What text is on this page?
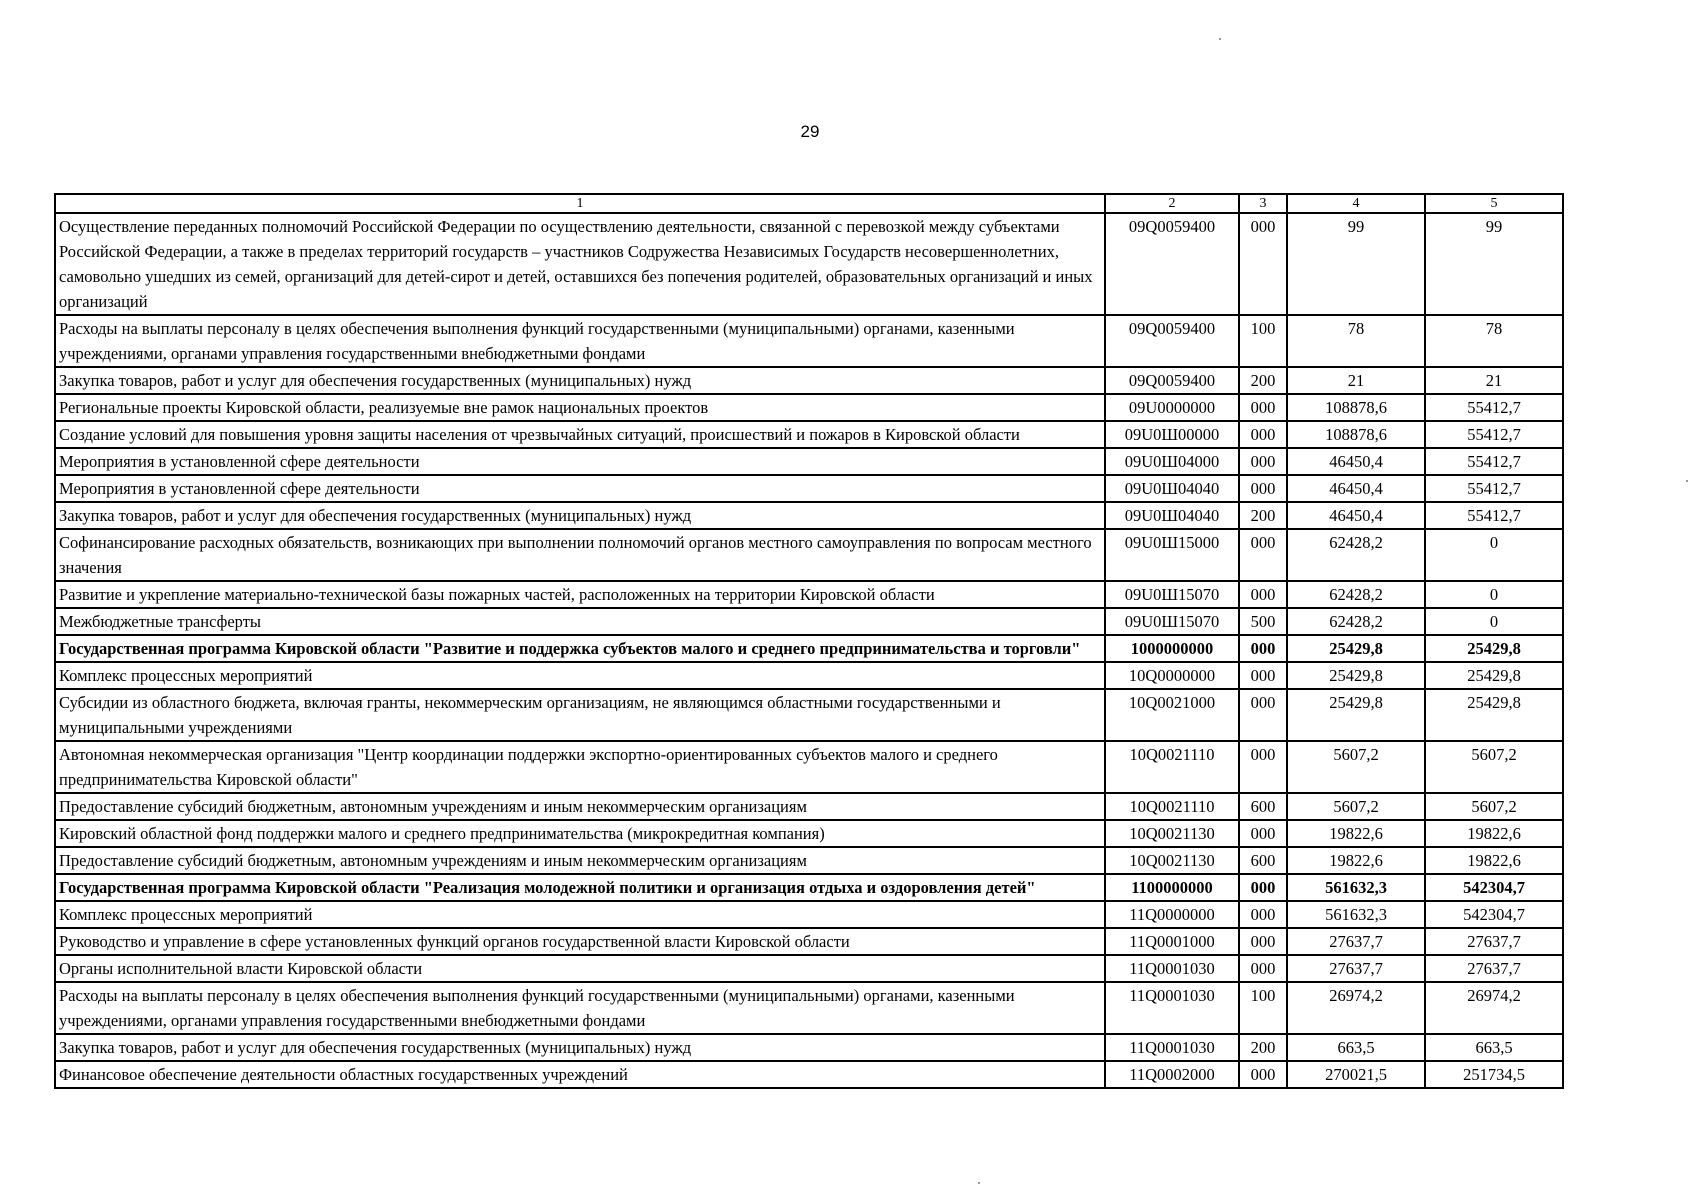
29
1	2	3	4	5
Осуществление переданных полномочий Российской Федерации по осуществлению деятельности, связанной с перевозкой между субъектами Российской Федерации, а также в пределах территорий государств – участников Содружества Независимых Государств несовершеннолетних, самовольно ушедших из семей, организаций для детей-сирот и детей, оставшихся без попечения родителей, образовательных организаций и иных организаций	09Q0059400	000	99	99
Расходы на выплаты персоналу в целях обеспечения выполнения функций государственными (муниципальными) органами, казенными учреждениями, органами управления государственными внебюджетными фондами	09Q0059400	100	78	78
Закупка товаров, работ и услуг для обеспечения государственных (муниципальных) нужд	09Q0059400	200	21	21
Региональные проекты Кировской области, реализуемые вне рамок национальных проектов	09U0000000	000	108878,6	55412,7
Создание условий для повышения уровня защиты населения от чрезвычайных ситуаций, происшествий и пожаров в Кировской области	09U0Ш00000	000	108878,6	55412,7
Мероприятия в установленной сфере деятельности	09U0Ш04000	000	46450,4	55412,7
Мероприятия в установленной сфере деятельности	09U0Ш04040	000	46450,4	55412,7
Закупка товаров, работ и услуг для обеспечения государственных (муниципальных) нужд	09U0Ш04040	200	46450,4	55412,7
Софинансирование расходных обязательств, возникающих при выполнении полномочий органов местного самоуправления по вопросам местного значения	09U0Ш15000	000	62428,2	0
Развитие и укрепление материально-технической базы пожарных частей, расположенных на территории Кировской области	09U0Ш15070	000	62428,2	0
Межбюджетные трансферты	09U0Ш15070	500	62428,2	0
Государственная программа Кировской области "Развитие и поддержка субъектов малого и среднего предпринимательства и торговли"	1000000000	000	25429,8	25429,8
Комплекс процессных мероприятий	10Q0000000	000	25429,8	25429,8
Субсидии из областного бюджета, включая гранты, некоммерческим организациям, не являющимся областными государственными и муниципальными учреждениями	10Q0021000	000	25429,8	25429,8
Автономная некоммерческая организация "Центр координации поддержки экспортно-ориентированных субъектов малого и среднего предпринимательства Кировской области"	10Q0021110	000	5607,2	5607,2
Предоставление субсидий бюджетным, автономным учреждениям и иным некоммерческим организациям	10Q0021110	600	5607,2	5607,2
Кировский областной фонд поддержки малого и среднего предпринимательства (микрокредитная компания)	10Q0021130	000	19822,6	19822,6
Предоставление субсидий бюджетным, автономным учреждениям и иным некоммерческим организациям	10Q0021130	600	19822,6	19822,6
Государственная программа Кировской области "Реализация молодежной политики и организация отдыха и оздоровления детей"	1100000000	000	561632,3	542304,7
Комплекс процессных мероприятий	11Q0000000	000	561632,3	542304,7
Руководство и управление в сфере установленных функций органов государственной власти Кировской области	11Q0001000	000	27637,7	27637,7
Органы исполнительной власти Кировской области	11Q0001030	000	27637,7	27637,7
Расходы на выплаты персоналу в целях обеспечения выполнения функций государственными (муниципальными) органами, казенными учреждениями, органами управления государственными внебюджетными фондами	11Q0001030	100	26974,2	26974,2
Закупка товаров, работ и услуг для обеспечения государственных (муниципальных) нужд	11Q0001030	200	663,5	663,5
Финансовое обеспечение деятельности областных государственных учреждений	11Q0002000	000	270021,5	251734,5
